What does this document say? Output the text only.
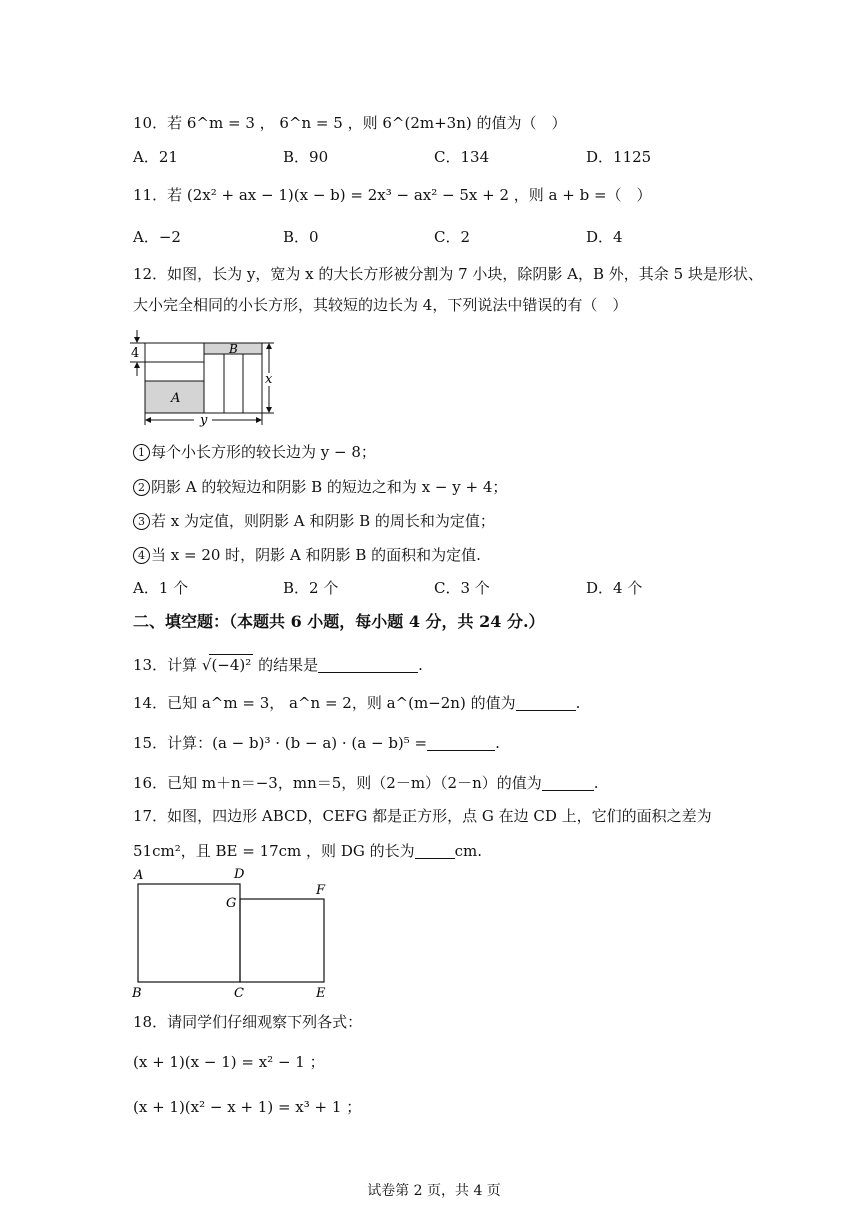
10．若 6^m = 3 ， 6^n = 5 ，则 6^(2m+3n) 的值为（　）
A．21	B．90	C．134	D．1125
11．若 (2x² + ax − 1)(x − b) = 2x³ − ax² − 5x + 2 ，则 a + b =（　）
A．−2	B．0	C．2	D．4
12．如图，长为 y，宽为 x 的大长方形被分割为 7 小块，除阴影 A，B 外，其余 5 块是形状、
大小完全相同的小长方形，其较短的边长为 4，下列说法中错误的有（　）
4
A
B
x
y
1 每个小长方形的较长边为 y − 8；
2 阴影 A 的较短边和阴影 B 的短边之和为 x − y + 4；
3 若 x 为定值，则阴影 A 和阴影 B 的周长和为定值；
4 当 x = 20 时，阴影 A 和阴影 B 的面积和为定值.
A．1 个	B．2 个	C．3 个	D．4 个
二、填空题：（本题共 6 小题，每小题 4 分，共 24 分.）
13．计算 √(−4)² 的结果是	.
14．已知 a^m = 3， a^n = 2，则 a^(m−2n) 的值为	.
15．计算：(a − b)³ · (b − a) · (a − b)⁵ =	.
16．已知 m＋n＝−3，mn＝5，则（2－m）（2－n）的值为	.
17．如图，四边形 ABCD，CEFG 都是正方形，点 G 在边 CD 上，它们的面积之差为
51cm²，且 BE = 17cm ，则 DG 的长为	cm.
A	D
F
G
B	C	E
18．请同学们仔细观察下列各式：
(x + 1)(x − 1) = x² − 1 ；
(x + 1)(x² − x + 1) = x³ + 1 ；
试卷第 2 页，共 4 页
